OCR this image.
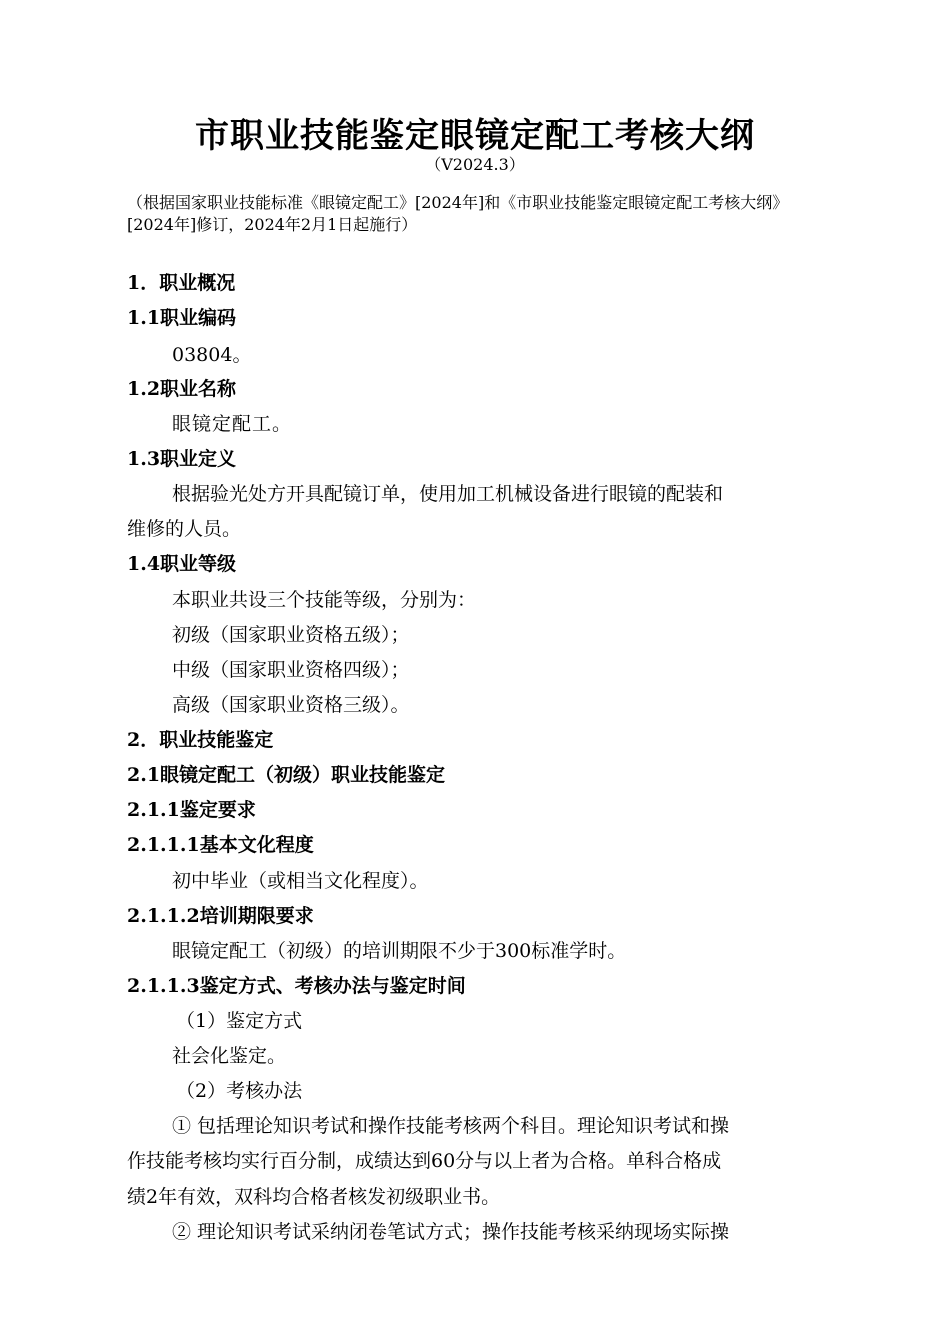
市职业技能鉴定眼镜定配工考核大纲
（V2024.3）
（根据国家职业技能标准《眼镜定配工》[2024年]和《市职业技能鉴定眼镜定配工考核大纲》[2024年]修订，2024年2月1日起施行）
1．职业概况
1.1职业编码
03804。
1.2职业名称
眼镜定配工。
1.3职业定义
根据验光处方开具配镜订单，使用加工机械设备进行眼镜的配装和
维修的人员。
1.4职业等级
本职业共设三个技能等级，分别为：
初级（国家职业资格五级）；
中级（国家职业资格四级）；
高级（国家职业资格三级）。
2．职业技能鉴定
2.1眼镜定配工（初级）职业技能鉴定
2.1.1鉴定要求
2.1.1.1基本文化程度
初中毕业（或相当文化程度）。
2.1.1.2培训期限要求
眼镜定配工（初级）的培训期限不少于300标准学时。
2.1.1.3鉴定方式、考核办法与鉴定时间
（1）鉴定方式
社会化鉴定。
（2）考核办法
① 包括理论知识考试和操作技能考核两个科目。理论知识考试和操
作技能考核均实行百分制，成绩达到60分与以上者为合格。单科合格成
绩2年有效，双科均合格者核发初级职业书。
② 理论知识考试采纳闭卷笔试方式；操作技能考核采纳现场实际操
